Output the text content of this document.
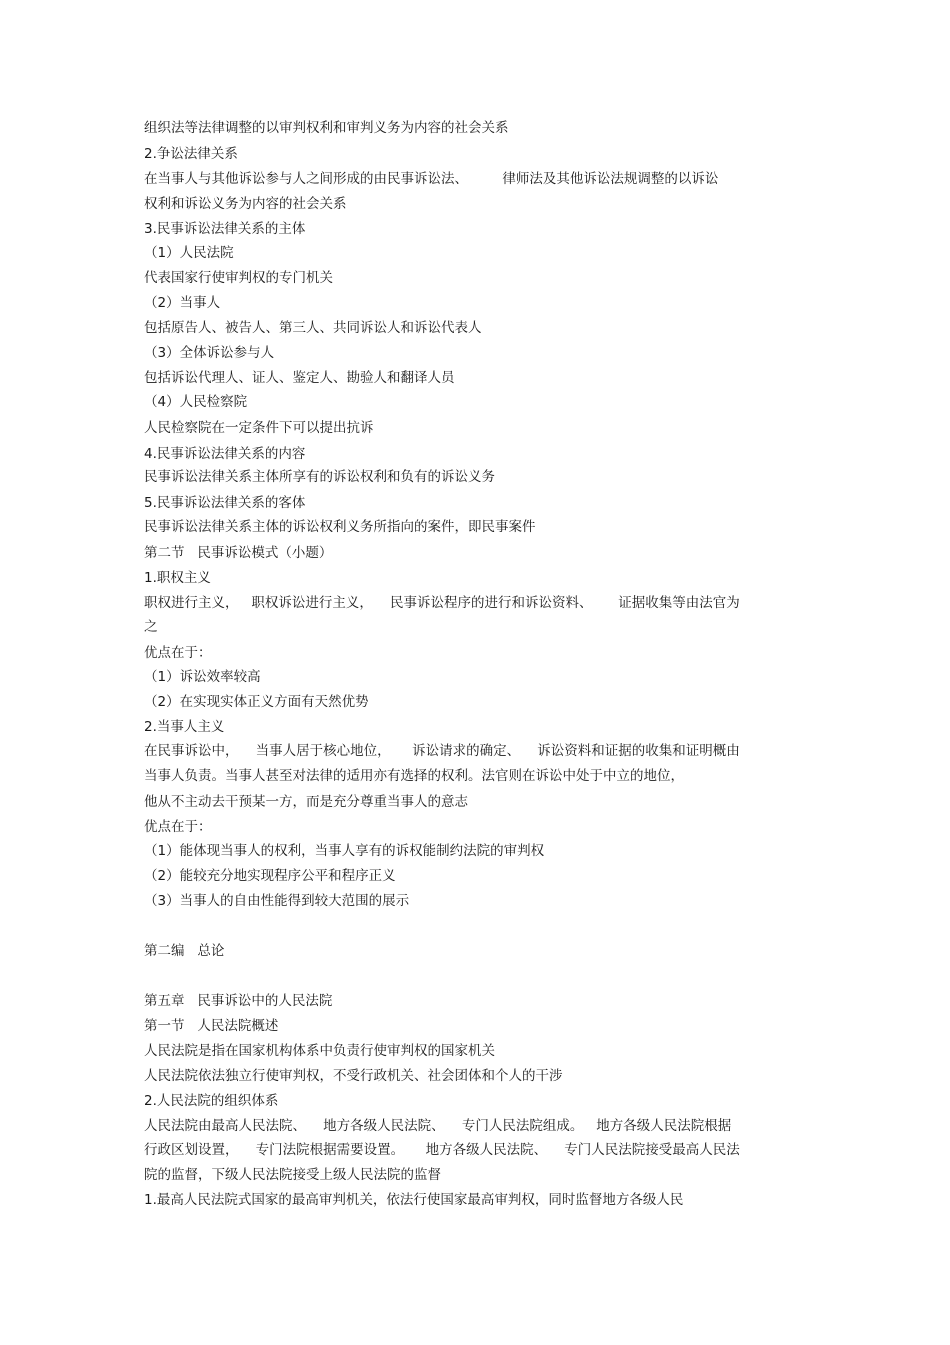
组织法等法律调整的以审判权利和审判义务为内容的社会关系
2.争讼法律关系
在当事人与其他诉讼参与人之间形成的由民事诉讼法、        律师法及其他诉讼法规调整的以诉讼
权利和诉讼义务为内容的社会关系
3.民事诉讼法律关系的主体
（1）人民法院
代表国家行使审判权的专门机关
（2）当事人
包括原告人、被告人、第三人、共同诉讼人和诉讼代表人
（3）全体诉讼参与人
包括诉讼代理人、证人、鉴定人、勘验人和翻译人员
（4）人民检察院
人民检察院在一定条件下可以提出抗诉
4.民事诉讼法律关系的内容
民事诉讼法律关系主体所享有的诉讼权利和负有的诉讼义务
5.民事诉讼法律关系的客体
民事诉讼法律关系主体的诉讼权利义务所指向的案件，即民事案件
第二节   民事诉讼模式（小题）
1.职权主义
职权进行主义，   职权诉讼进行主义，    民事诉讼程序的进行和诉讼资料、      证据收集等由法官为
之
优点在于：
（1）诉讼效率较高
（2）在实现实体正义方面有天然优势
2.当事人主义
在民事诉讼中，    当事人居于核心地位，     诉讼请求的确定、    诉讼资料和证据的收集和证明概由
当事人负责。当事人甚至对法律的适用亦有选择的权利。法官则在诉讼中处于中立的地位，
他从不主动去干预某一方，而是充分尊重当事人的意志
优点在于：
（1）能体现当事人的权利，当事人享有的诉权能制约法院的审判权
（2）能较充分地实现程序公平和程序正义
（3）当事人的自由性能得到较大范围的展示
第二编   总论
第五章   民事诉讼中的人民法院
第一节   人民法院概述
人民法院是指在国家机构体系中负责行使审判权的国家机关
人民法院依法独立行使审判权，不受行政机关、社会团体和个人的干涉
2.人民法院的组织体系
人民法院由最高人民法院、    地方各级人民法院、    专门人民法院组成。   地方各级人民法院根据
行政区划设置，    专门法院根据需要设置。     地方各级人民法院、    专门人民法院接受最高人民法
院的监督，下级人民法院接受上级人民法院的监督
1.最高人民法院式国家的最高审判机关，依法行使国家最高审判权，同时监督地方各级人民
